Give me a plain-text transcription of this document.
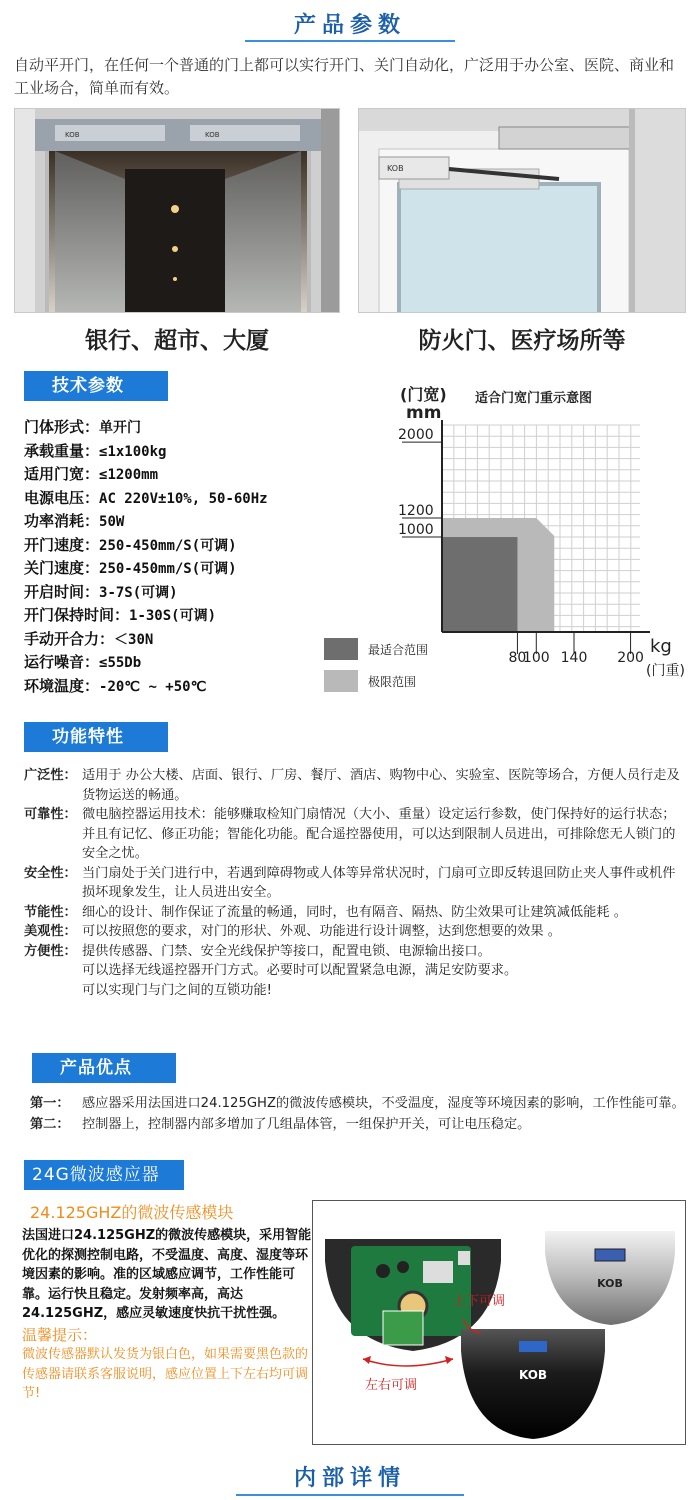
产品参数
自动平开门，在任何一个普通的门上都可以实行开门、关门自动化，广泛用于办公室、医院、商业和工业场合，简单而有效。
KOB	KOB
银行、超市、大厦
KOB
防火门、医疗场所等
技术参数
门体形式：单开门
承载重量：≤1x100kg
适用门宽：≤1200mm
电源电压：AC 220V±10%, 50-60Hz
功率消耗：50W
开门速度：250-450mm/S(可调)
关门速度：250-450mm/S(可调)
开启时间：3-7S(可调)
开门保持时间：1-30S(可调)
手动开合力：＜30N
运行噪音：≤55Db
环境温度：-20℃ ~ +50℃
1000
1200
2000
80
100 140 200
(门宽)
mm
适合门宽门重示意图
kg
(门重)
最适合范围
极限范围
功能特性
广泛性： 适用于 办公大楼、店面、银行、厂房、餐厅、酒店、购物中心、实验室、医院等场合，方便人员行走及货物运送的畅通。
可靠性： 微电脑控器运用技术：能够赚取检知门扇情况（大小、重量）设定运行参数，使门保持好的运行状态；并且有记忆、修正功能；智能化功能。配合遥控器使用，可以达到限制人员进出，可排除您无人锁门的安全之忧。
安全性： 当门扇处于关门进行中，若遇到障碍物或人体等异常状况时，门扇可立即反转退回防止夹人事件或机件损坏现象发生，让人员进出安全。
节能性： 细心的设计、制作保证了流量的畅通，同时，也有隔音、隔热、防尘效果可让建筑减低能耗 。
美观性： 可以按照您的要求，对门的形状、外观、功能进行设计调整，达到您想要的效果 。
方便性： 提供传感器、门禁、安全光线保护等接口，配置电锁、电源输出接口。
可以选择无线遥控器开门方式。必要时可以配置紧急电源，满足安防要求。
可以实现门与门之间的互锁功能!
产品优点
第一： 感应器采用法国进口24.125GHZ的微波传感模块，不受温度，湿度等环境因素的影响，工作性能可靠。
第二： 控制器上，控制器内部多增加了几组晶体管，一组保护开关，可让电压稳定。
24G微波感应器
24.125GHZ的微波传感模块
法国进口24.125GHZ的微波传感模块，采用智能优化的探测控制电路，不受温度、高度、湿度等环境因素的影响。准的区域感应调节，工作性能可靠。运行快且稳定。发射频率高，高达24.125GHZ，感应灵敏速度快抗干扰性强。
温馨提示：
微波传感器默认发货为银白色，如果需要黑色款的传感器请联系客服说明，感应位置上下左右均可调节!
KOB
KOB
上下可调
左右可调
内部详情
